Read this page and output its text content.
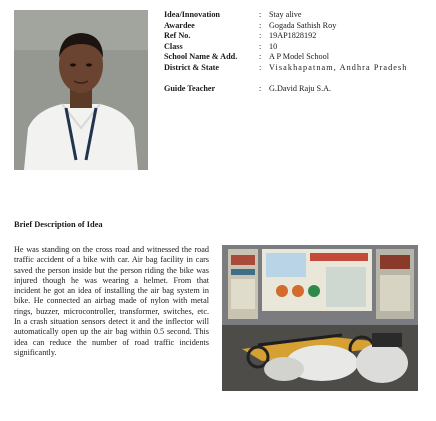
Idea/Innovation	: Stay alive
Awardee	: Gogada Sathish Roy
Ref No.	: 19AP1828192
Class	: 10
School Name & Add.	: A P Model School
District & State	: Visakhapatnam, Andhra Pradesh
Guide Teacher	: G.David Raju S.A.
Brief Description of Idea

He was standing on the cross road and witnessed the road traffic accident of a bike with car. Air bag facility in cars saved the person inside but the person riding the bike was injured though he was wearing a helmet. From that incident he got an idea of installing the air bag system in bike. He connected an airbag made of nylon with metal rings, buzzer, microcontroller, transformer, switches, etc. In a crash situation sensors detect it and the inflector will automatically open up the air bag within 0.5 second. This idea can reduce the number of road traffic incidents significantly.
